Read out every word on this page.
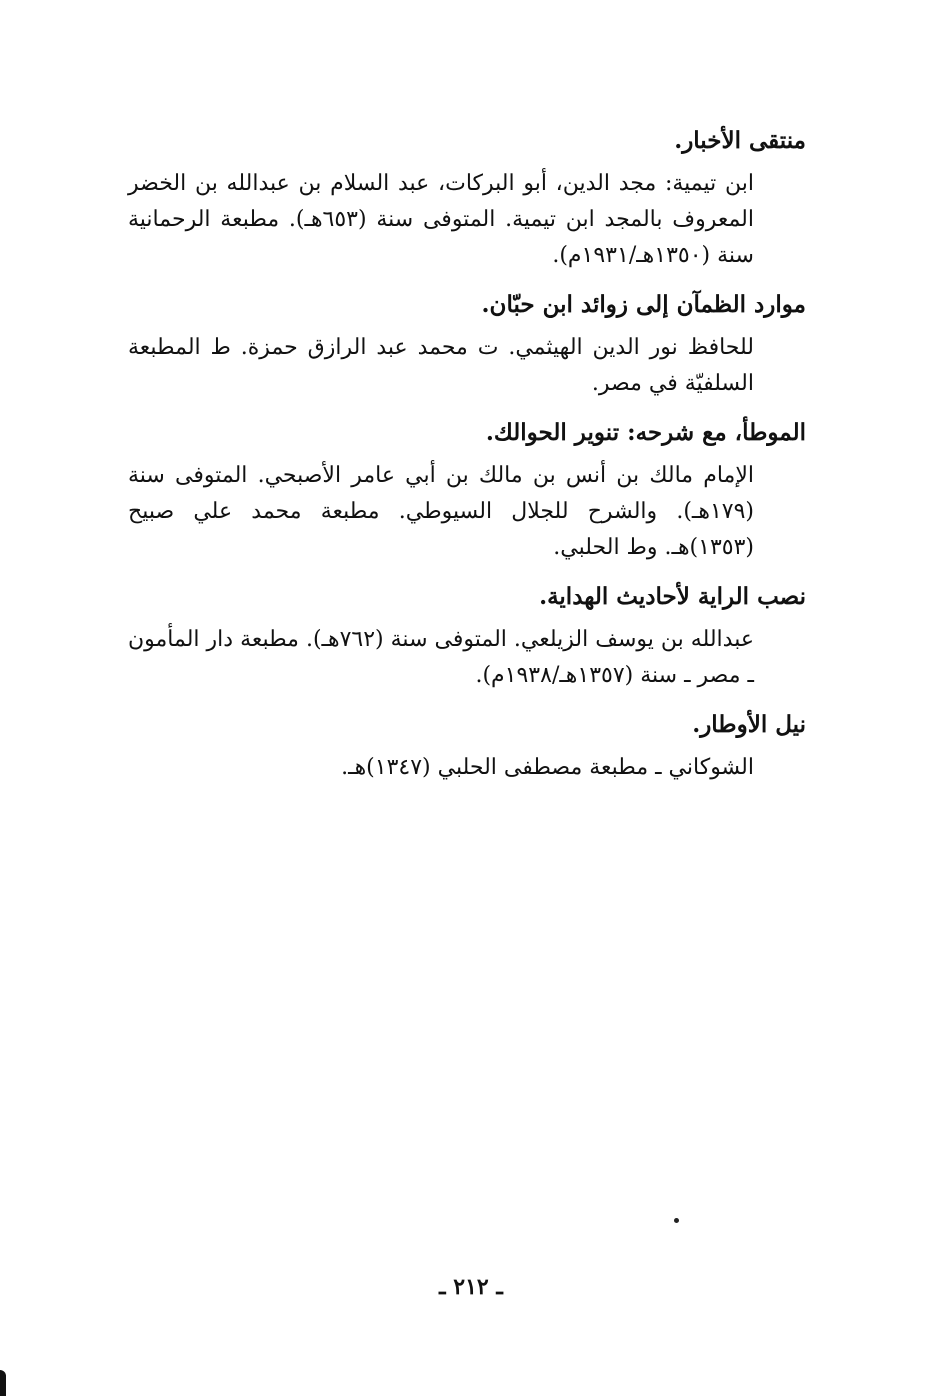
منتقى الأخبار.
ابن تيمية: مجد الدين، أبو البركات، عبد السلام بن عبدالله بن الخضر المعروف بالمجد ابن تيمية. المتوفى سنة (٦٥٣هـ). مطبعة الرحمانية سنة (١٣٥٠هـ/١٩٣١م).
موارد الظمآن إلى زوائد ابن حبّان.
للحافظ نور الدين الهيثمي. ت محمد عبد الرازق حمزة. ط المطبعة السلفيّة في مصر.
الموطأ، مع شرحه: تنوير الحوالك.
الإمام مالك بن أنس بن مالك بن أبي عامر الأصبحي. المتوفى سنة (١٧٩هـ). والشرح للجلال السيوطي. مطبعة محمد علي صبيح (١٣٥٣)هـ. وط الحلبي.
نصب الراية لأحاديث الهداية.
عبدالله بن يوسف الزيلعي. المتوفى سنة (٧٦٢هـ). مطبعة دار المأمون ـ مصر ـ سنة (١٣٥٧هـ/١٩٣٨م).
نيل الأوطار.
الشوكاني ـ مطبعة مصطفى الحلبي (١٣٤٧)هـ.
ـ ٢١٢ ـ
